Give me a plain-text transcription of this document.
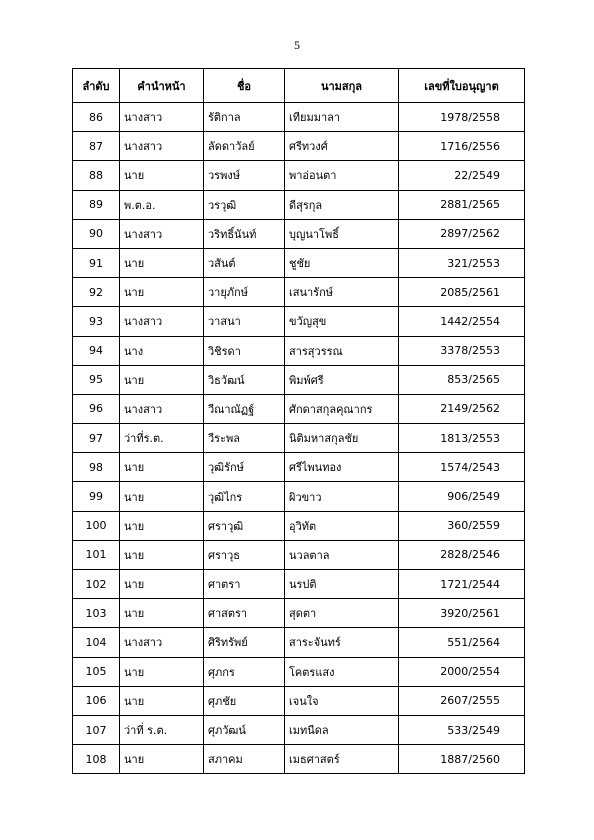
5
ลำดับ	คำนำหน้า	ชื่อ	นามสกุล	เลขที่ใบอนุญาต
86	นางสาว	รัติกาล	เทียมมาลา	1978/2558
87	นางสาว	ลัดดาวัลย์	ศรีทวงศ์	1716/2556
88	นาย	วรพงษ์	พาอ่อนตา	22/2549
89	พ.ต.อ.	วรวุฒิ	ดีสุรกุล	2881/2565
90	นางสาว	วริทธิ์นันท์	บุญนาโพธิ์	2897/2562
91	นาย	วสันต์	ชูชัย	321/2553
92	นาย	วายุภักษ์	เสนารักษ์	2085/2561
93	นางสาว	วาสนา	ขวัญสุข	1442/2554
94	นาง	วิชิรดา	สารสุวรรณ	3378/2553
95	นาย	วิธวัฒน์	พิมพ์ศรี	853/2565
96	นางสาว	วีณาณัฏฐ์	ศักดาสกุลคุณากร	2149/2562
97	ว่าที่ร.ต.	วีระพล	นิติมหาสกุลชัย	1813/2553
98	นาย	วุฒิรักษ์	ศรีไพนทอง	1574/2543
99	นาย	วุฒิไกร	ผิวขาว	906/2549
100	นาย	ศราวุฒิ	อุวิทัต	360/2559
101	นาย	ศราวุธ	นวลตาล	2828/2546
102	นาย	ศาตรา	นรปติ	1721/2544
103	นาย	ศาสตรา	สุดตา	3920/2561
104	นางสาว	ศิริทรัพย์	สาระจันทร์	551/2564
105	นาย	ศุภกร	โคตรแสง	2000/2554
106	นาย	ศุภชัย	เจนใจ	2607/2555
107	ว่าที่ ร.ต.	ศุภวัฒน์	เมทนีดล	533/2549
108	นาย	สภาคม	เมธศาสตร์	1887/2560
